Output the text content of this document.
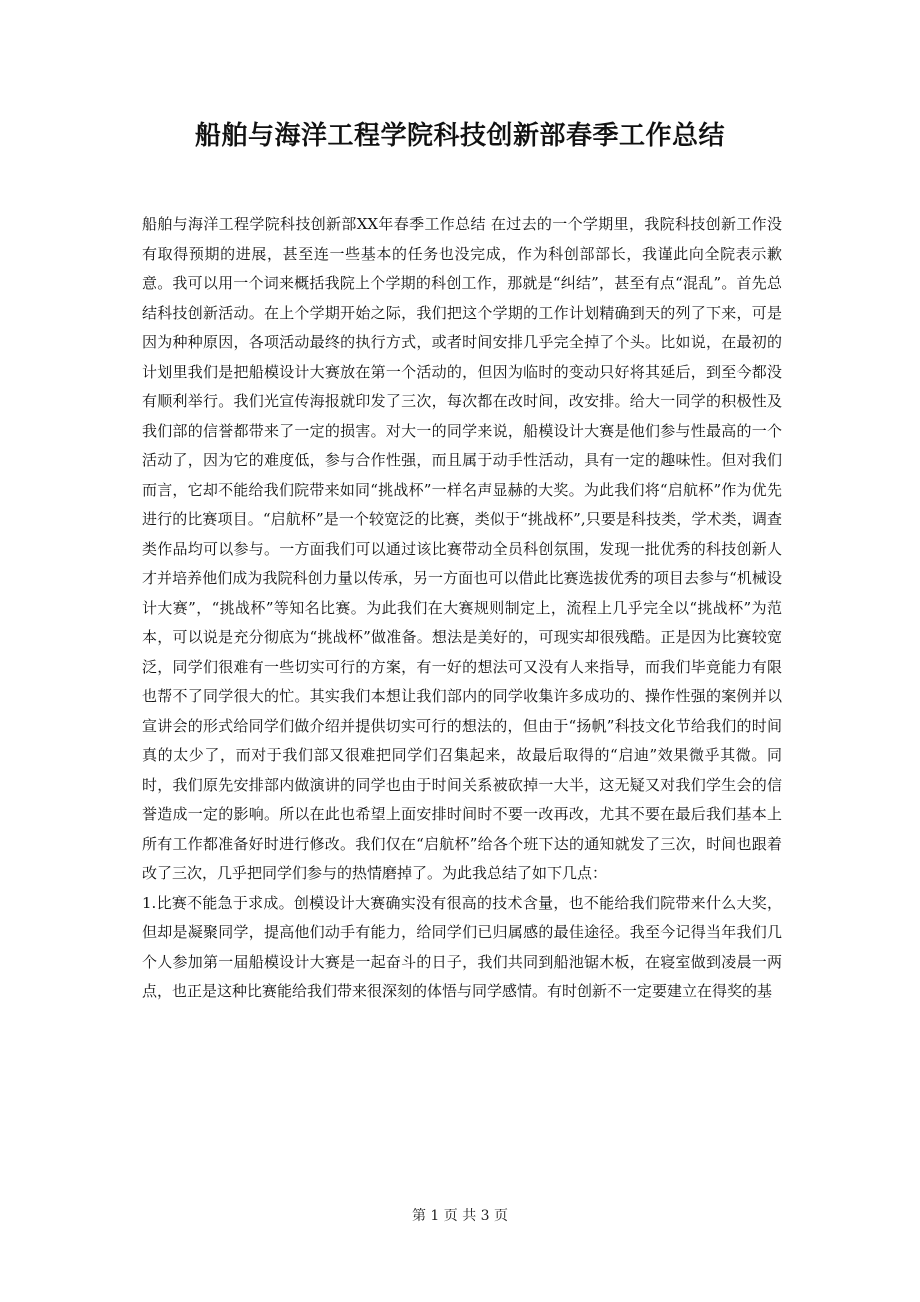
船舶与海洋工程学院科技创新部春季工作总结

船舶与海洋工程学院科技创新部XX年春季工作总结 在过去的一个学期里，我院科技创新工作没有取得预期的进展，甚至连一些基本的任务也没完成，作为科创部部长，我谨此向全院表示歉意。我可以用一个词来概括我院上个学期的科创工作，那就是“纠结”，甚至有点“混乱”。首先总结科技创新活动。在上个学期开始之际，我们把这个学期的工作计划精确到天的列了下来，可是因为种种原因，各项活动最终的执行方式，或者时间安排几乎完全掉了个头。比如说，在最初的计划里我们是把船模设计大赛放在第一个活动的，但因为临时的变动只好将其延后，到至今都没有顺利举行。我们光宣传海报就印发了三次，每次都在改时间，改安排。给大一同学的积极性及我们部的信誉都带来了一定的损害。对大一的同学来说，船模设计大赛是他们参与性最高的一个活动了，因为它的难度低，参与合作性强，而且属于动手性活动，具有一定的趣味性。但对我们而言，它却不能给我们院带来如同“挑战杯”一样名声显赫的大奖。为此我们将“启航杯”作为优先进行的比赛项目。“启航杯”是一个较宽泛的比赛，类似于“挑战杯”,只要是科技类，学术类，调查类作品均可以参与。一方面我们可以通过该比赛带动全员科创氛围，发现一批优秀的科技创新人才并培养他们成为我院科创力量以传承，另一方面也可以借此比赛选拔优秀的项目去参与“机械设计大赛”，“挑战杯”等知名比赛。为此我们在大赛规则制定上，流程上几乎完全以“挑战杯”为范本，可以说是充分彻底为“挑战杯”做准备。想法是美好的，可现实却很残酷。正是因为比赛较宽泛，同学们很难有一些切实可行的方案，有一好的想法可又没有人来指导，而我们毕竟能力有限也帮不了同学很大的忙。其实我们本想让我们部内的同学收集许多成功的、操作性强的案例并以宣讲会的形式给同学们做介绍并提供切实可行的想法的，但由于“扬帆”科技文化节给我们的时间真的太少了，而对于我们部又很难把同学们召集起来，故最后取得的“启迪”效果微乎其微。同时，我们原先安排部内做演讲的同学也由于时间关系被砍掉一大半，这无疑又对我们学生会的信誉造成一定的影响。所以在此也希望上面安排时间时不要一改再改，尤其不要在最后我们基本上所有工作都准备好时进行修改。我们仅在“启航杯”给各个班下达的通知就发了三次，时间也跟着改了三次，几乎把同学们参与的热情磨掉了。为此我总结了如下几点：

1.比赛不能急于求成。创模设计大赛确实没有很高的技术含量，也不能给我们院带来什么大奖，但却是凝聚同学，提高他们动手有能力，给同学们已归属感的最佳途径。我至今记得当年我们几个人参加第一届船模设计大赛是一起奋斗的日子，我们共同到船池锯木板，在寝室做到凌晨一两点，也正是这种比赛能给我们带来很深刻的体悟与同学感情。有时创新不一定要建立在得奖的基

第 1 页 共 3 页
